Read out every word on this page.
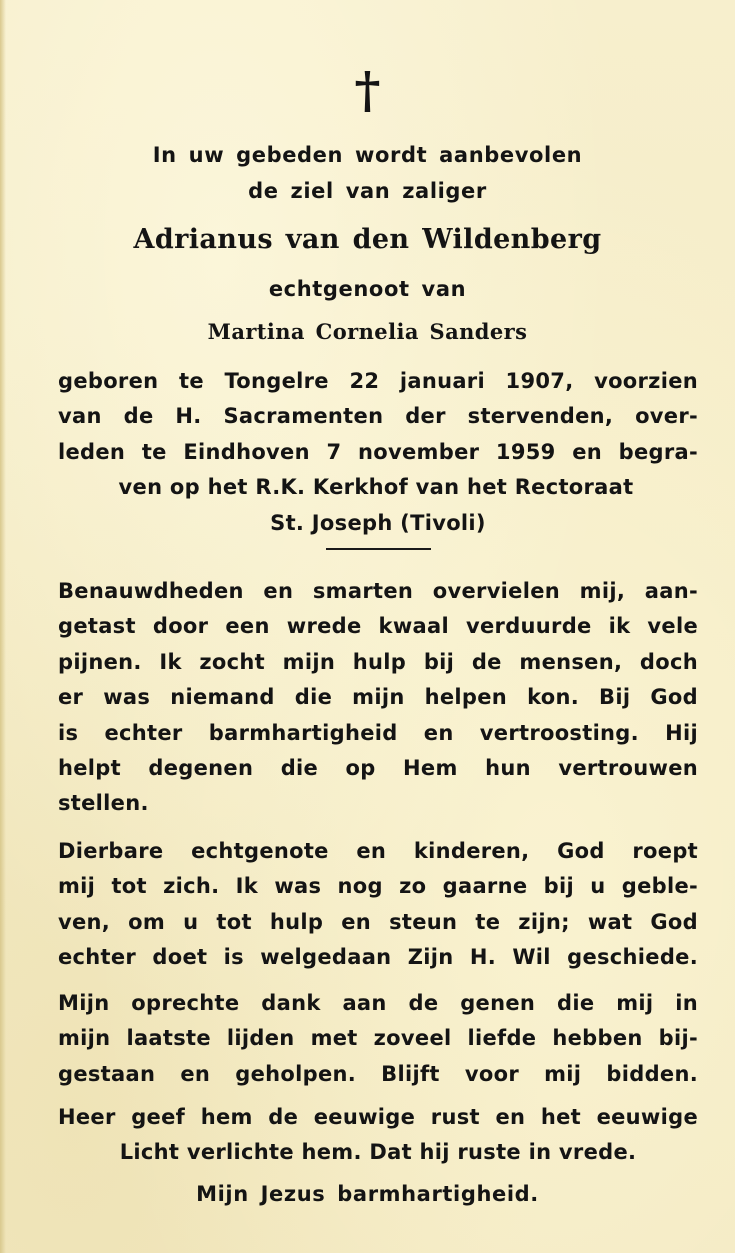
†
In uw gebeden wordt aanbevolen
de ziel van zaliger
Adrianus van den Wildenberg
echtgenoot van
Martina Cornelia Sanders
geboren te Tongelre 22 januari 1907, voorzien
van de H. Sacramenten der stervenden, over-
leden te Eindhoven 7 november 1959 en begra-
ven op het R.K. Kerkhof van het Rectoraat
St. Joseph (Tivoli)
Benauwdheden en smarten overvielen mij, aan-
getast door een wrede kwaal verduurde ik vele
pijnen. Ik zocht mijn hulp bij de mensen, doch
er was niemand die mijn helpen kon. Bij God
is echter barmhartigheid en vertroosting. Hij
helpt degenen die op Hem hun vertrouwen
stellen.
Dierbare echtgenote en kinderen, God roept
mij tot zich. Ik was nog zo gaarne bij u geble-
ven, om u tot hulp en steun te zijn; wat God
echter doet is welgedaan Zijn H. Wil geschiede.
Mijn oprechte dank aan de genen die mij in
mijn laatste lijden met zoveel liefde hebben bij-
gestaan en geholpen. Blijft voor mij bidden.
Heer geef hem de eeuwige rust en het eeuwige
Licht verlichte hem. Dat hij ruste in vrede.
Mijn Jezus barmhartigheid.
